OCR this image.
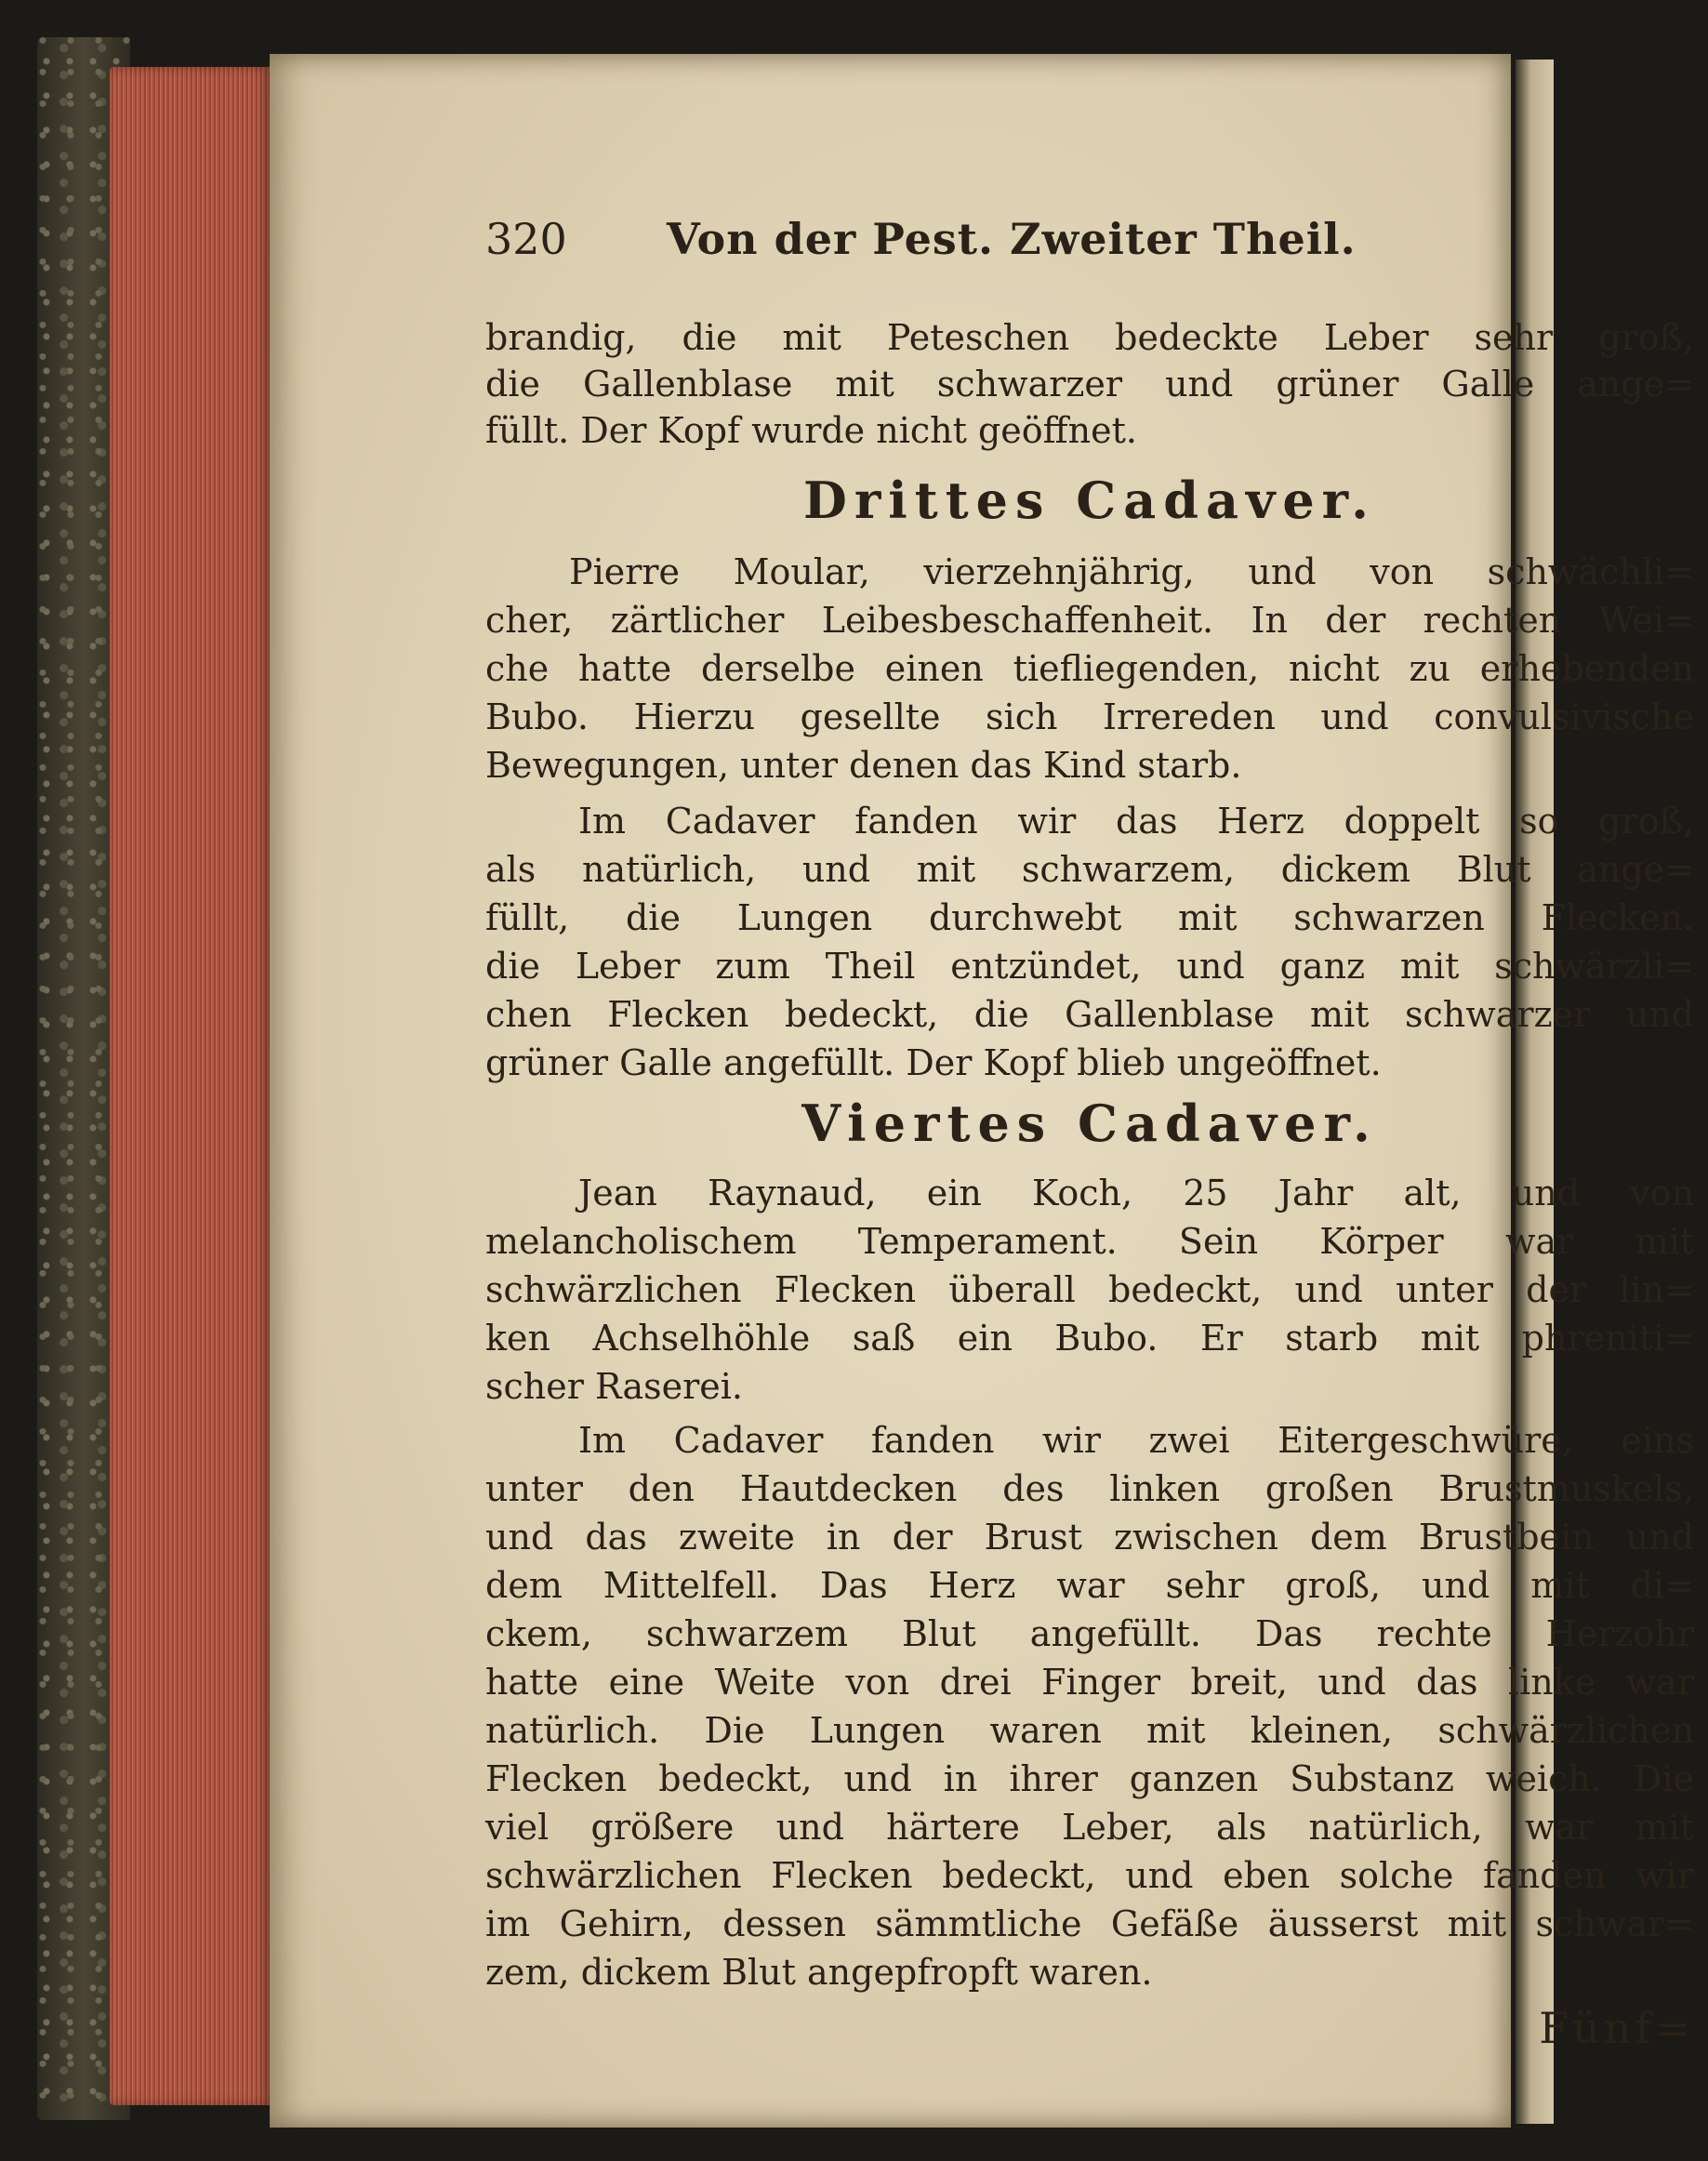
320 Von der Pest. Zweiter Theil.
brandig, die mit Peteschen bedeckte Leber sehr groß,
die Gallenblase mit schwarzer und grüner Galle ange=
füllt. Der Kopf wurde nicht geöffnet.
Drittes Cadaver.
Pierre Moular, vierzehnjährig, und von schwächli=
cher, zärtlicher Leibesbeschaffenheit. In der rechten Wei=
che hatte derselbe einen tiefliegenden, nicht zu erhebenden
Bubo. Hierzu gesellte sich Irrereden und convulsivische
Bewegungen, unter denen das Kind starb.
Im Cadaver fanden wir das Herz doppelt so groß,
als natürlich, und mit schwarzem, dickem Blut ange=
füllt, die Lungen durchwebt mit schwarzen Flecken.
die Leber zum Theil entzündet, und ganz mit schwärzli=
chen Flecken bedeckt, die Gallenblase mit schwarzer und
grüner Galle angefüllt. Der Kopf blieb ungeöffnet.
Viertes Cadaver.
Jean Raynaud, ein Koch, 25 Jahr alt, und von
melancholischem Temperament. Sein Körper war mit
schwärzlichen Flecken überall bedeckt, und unter der lin=
ken Achselhöhle saß ein Bubo. Er starb mit phreniti=
scher Raserei.
Im Cadaver fanden wir zwei Eitergeschwüre, eins
unter den Hautdecken des linken großen Brustmuskels,
und das zweite in der Brust zwischen dem Brustbein und
dem Mittelfell. Das Herz war sehr groß, und mit di=
ckem, schwarzem Blut angefüllt. Das rechte Herzohr
hatte eine Weite von drei Finger breit, und das linke war
natürlich. Die Lungen waren mit kleinen, schwärzlichen
Flecken bedeckt, und in ihrer ganzen Substanz weich. Die
viel größere und härtere Leber, als natürlich, war mit
schwärzlichen Flecken bedeckt, und eben solche fanden wir
im Gehirn, dessen sämmtliche Gefäße äusserst mit schwar=
zem, dickem Blut angepfropft waren.
Fünf=
